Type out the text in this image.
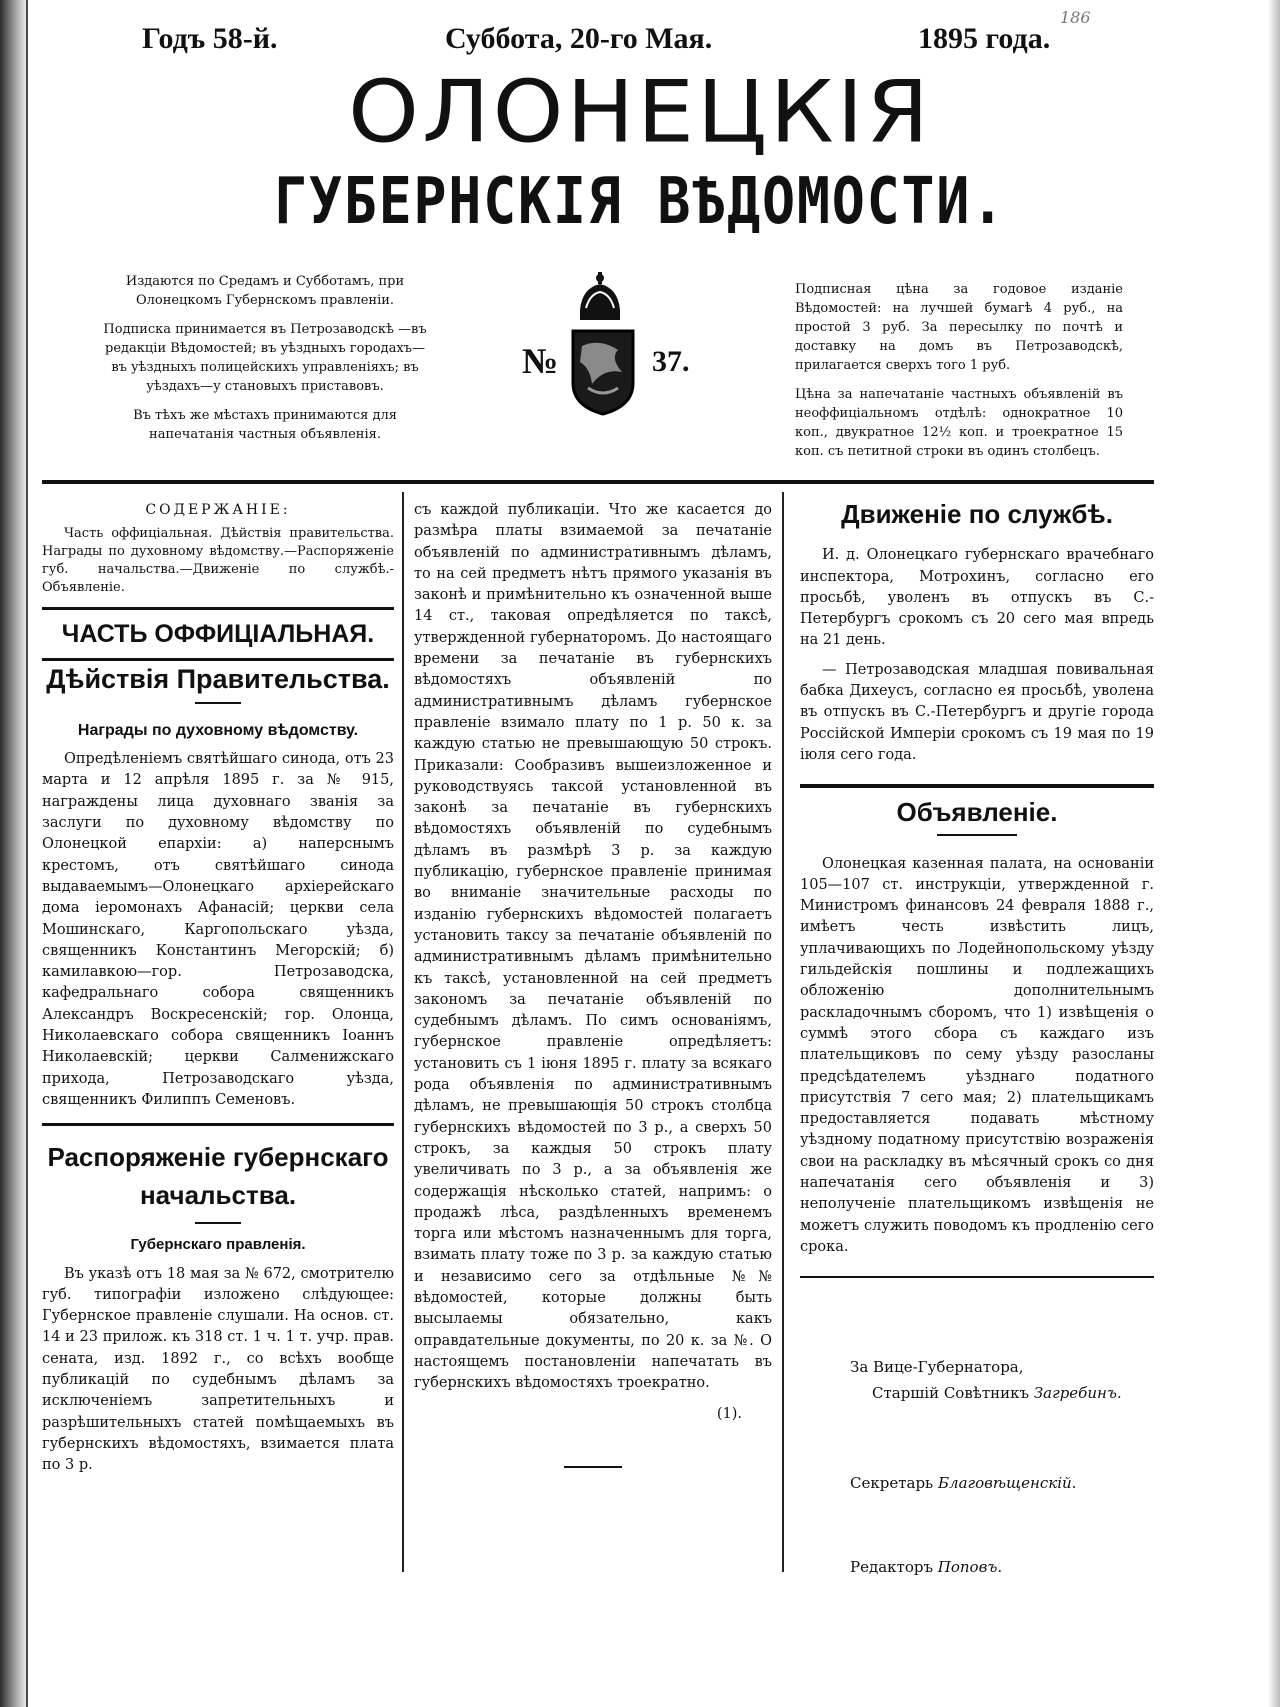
186
Годъ 58-й.	Суббота, 20-го Мая.	1895 года.
ОЛОНЕЦКІЯ
ГУБЕРНСКІЯ ВѢДОМОСТИ.

Издаются по Средамъ и Субботамъ, при Олонецкомъ Губернскомъ правленіи.

Подписка принимается въ Петрозаводскѣ —въ редакціи Вѣдомостей; въ уѣздныхъ городахъ—въ уѣздныхъ полицейскихъ управленіяхъ; въ уѣздахъ—у становыхъ приставовъ.

Въ тѣхъ же мѣстахъ принимаются для напечатанія частныя объявленія.

№	37.

Подписная цѣна за годовое изданіе Вѣдомостей: на лучшей бумагѣ 4 руб., на простой 3 руб. За пересылку по почтѣ и доставку на домъ въ Петрозаводскѣ, прилагается сверхъ того 1 руб.

Цѣна за напечатаніе частныхъ объявленій въ неоффиціальномъ отдѣлѣ: однократное 10 коп., двукратное 12½ коп. и троекратное 15 коп. съ петитной строки въ одинъ столбецъ.

СОДЕРЖАНІЕ:

Часть оффиціальная. Дѣйствія правительства. Награды по духовному вѣдомству.—Распоряженіе губ. начальства.—Движеніе по службѣ.- Объявленіе.

ЧАСТЬ ОФФИЦІАЛЬНАЯ.
Дѣйствія Правительства.
Награды по духовному вѣдомству.

Опредѣленіемъ святѣйшаго синода, отъ 23 марта и 12 апрѣля 1895 г. за № 915, награждены лица духовнаго званія за заслуги по духовному вѣдомству по Олонецкой епархіи: а) наперснымъ крестомъ, отъ святѣйшаго синода выдаваемымъ—Олонецкаго архіерейскаго дома іеромонахъ Афанасій; церкви села Мошинскаго, Каргопольскаго уѣзда, священникъ Константинъ Мегорскій; б) камилавкою—гор. Петрозаводска, кафедральнаго собора священникъ Александръ Воскресенскій; гор. Олонца, Николаевскаго собора священникъ Іоаннъ Николаевскій; церкви Салменижскаго прихода, Петрозаводскаго уѣзда, священникъ Филиппъ Семеновъ.

Распоряженіе губернскаго начальства.
Губернскаго правленія.

Въ указѣ отъ 18 мая за № 672, смотрителю губ. типографіи изложено слѣдующее: Губернское правленіе слушали. На основ. ст. 14 и 23 прилож. къ 318 ст. 1 ч. 1 т. учр. прав. сената, изд. 1892 г., со всѣхъ вообще публикацій по судебнымъ дѣламъ за исключеніемъ запретительныхъ и разрѣшительныхъ статей помѣщаемыхъ въ губернскихъ вѣдомостяхъ, взимается плата по 3 р.

съ каждой публикаціи. Что же касается до размѣра платы взимаемой за печатаніе объявленій по административнымъ дѣламъ, то на сей предметъ нѣтъ прямого указанія въ законѣ и примѣнительно къ означенной выше 14 ст., таковая опредѣляется по таксѣ, утвержденной губернаторомъ. До настоящаго времени за печатаніе въ губернскихъ вѣдомостяхъ объявленій по административнымъ дѣламъ губернское правленіе взимало плату по 1 р. 50 к. за каждую статью не превышающую 50 строкъ. Приказали: Сообразивъ вышеизложенное и руководствуясь таксой установленной въ законѣ за печатаніе въ губернскихъ вѣдомостяхъ объявленій по судебнымъ дѣламъ въ размѣрѣ 3 р. за каждую публикацію, губернское правленіе принимая во вниманіе значительные расходы по изданію губернскихъ вѣдомостей полагаетъ установить таксу за печатаніе объявленій по административнымъ дѣламъ примѣнительно къ таксѣ, установленной на сей предметъ закономъ за печатаніе объявленій по судебнымъ дѣламъ. По симъ основаніямъ, губернское правленіе опредѣляетъ: установить съ 1 іюня 1895 г. плату за всякаго рода объявленія по административнымъ дѣламъ, не превышающія 50 строкъ столбца губернскихъ вѣдомостей по 3 р., а сверхъ 50 строкъ, за каждыя 50 строкъ плату увеличивать по 3 р., а за объявленія же содержащія нѣсколько статей, напримъ: о продажѣ лѣса, раздѣленныхъ временемъ торга или мѣстомъ назначеннымъ для торга, взимать плату тоже по 3 р. за каждую статью и независимо сего за отдѣльные №№ вѣдомостей, которые должны быть высылаемы обязательно, какъ оправдательные документы, по 20 к. за №. О настоящемъ постановленіи напечатать въ губернскихъ вѣдомостяхъ троекратно.

(1).
Движеніе по службѣ.

И. д. Олонецкаго губернскаго врачебнаго инспектора, Мотрохинъ, согласно его просьбѣ, уволенъ въ отпускъ въ С.-Петербургъ срокомъ съ 20 сего мая впредь на 21 день.

— Петрозаводская младшая повивальная бабка Дихеусъ, согласно ея просьбѣ, уволена въ отпускъ въ С.-Петербургъ и другіе города Россійской Имперіи срокомъ съ 19 мая по 19 іюля сего года.

Объявленіе.

Олонецкая казенная палата, на основаніи 105—107 ст. инструкціи, утвержденной г. Министромъ финансовъ 24 февраля 1888 г., имѣетъ честь извѣстить лицъ, уплачивающихъ по Лодейнопольскому уѣзду гильдейскія пошлины и подлежащихъ обложенію дополнительнымъ раскладочнымъ сборомъ, что 1) извѣщенія о суммѣ этого сбора съ каждаго изъ плательщиковъ по сему уѣзду разосланы предсѣдателемъ уѣзднаго податного присутствія 7 сего мая; 2) плательщикамъ предоставляется подавать мѣстному уѣздному податному присутствію возраженія свои на раскладку въ мѣсячный срокъ со дня напечатанія сего объявленія и 3) неполученіе плательщикомъ извѣщенія не можетъ служить поводомъ къ продленію сего срока.

За Вице-Губернатора,
Старшій Совѣтникъ Загребинъ.
Секретарь Благовѣщенскій.
Редакторъ Поповъ.
